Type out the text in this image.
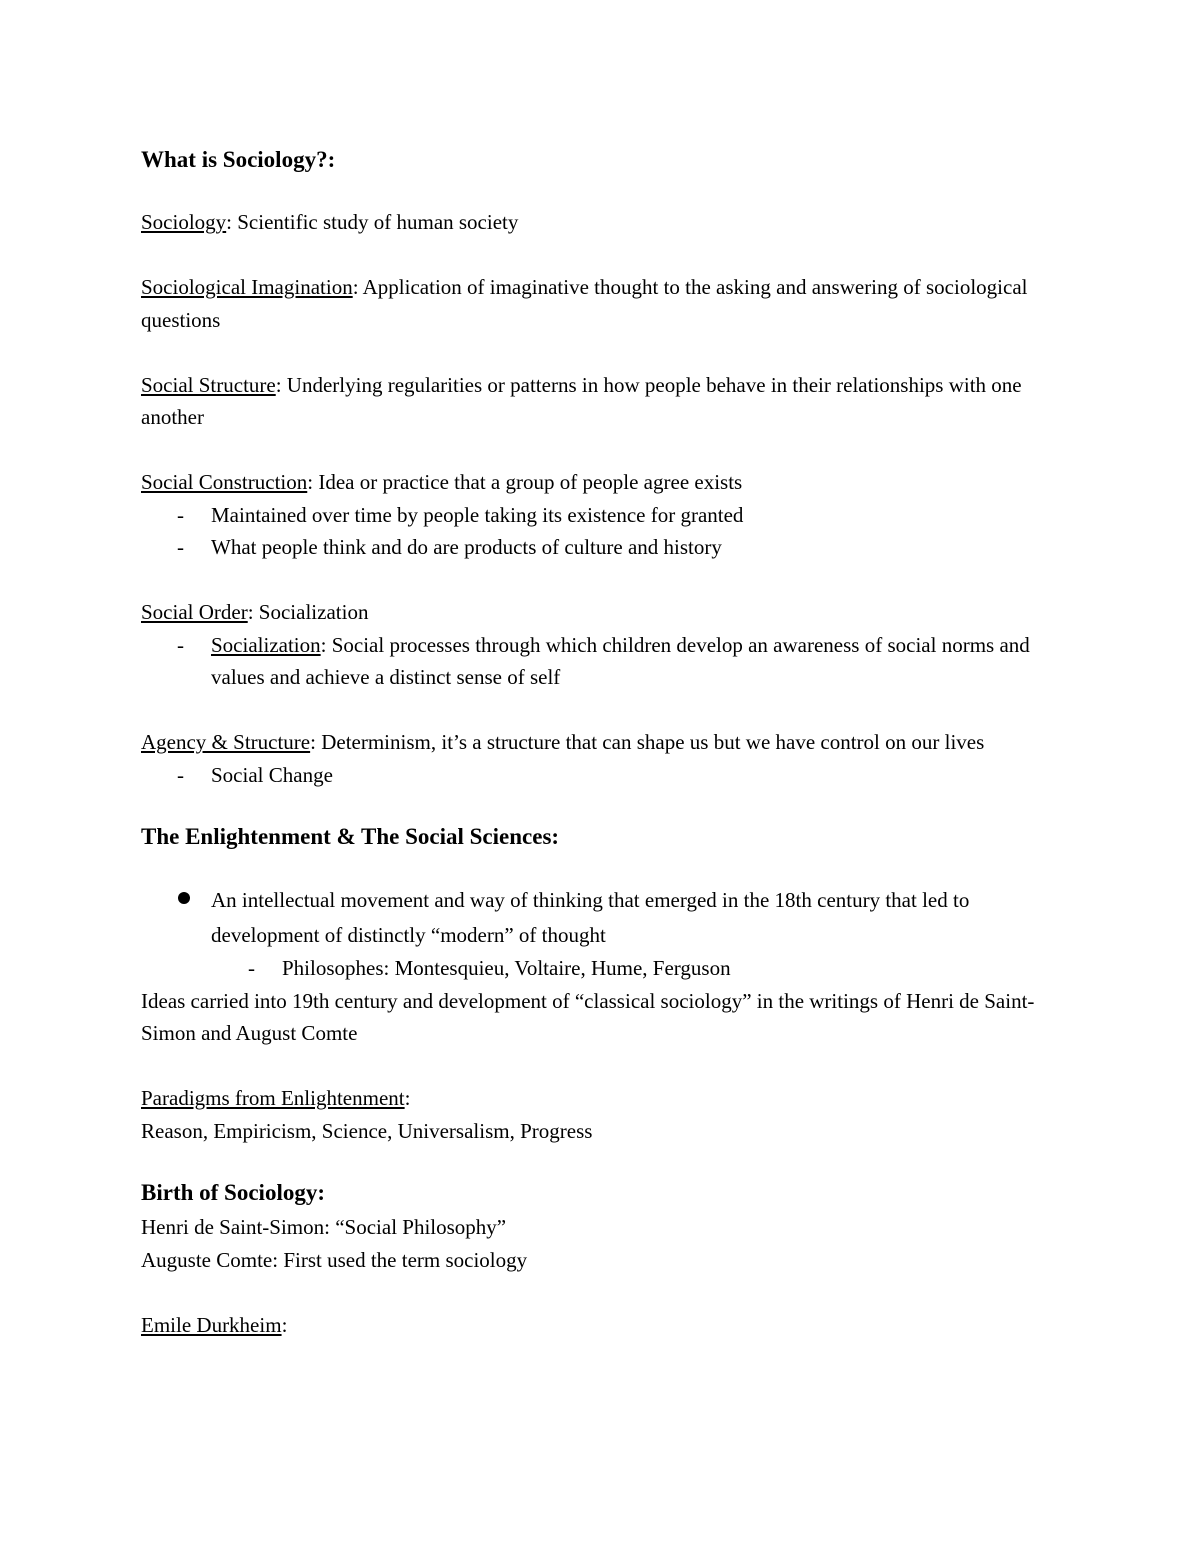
What is Sociology?:

Sociology: Scientific study of human society

Sociological Imagination: Application of imaginative thought to the asking and answering of sociological questions

Social Structure: Underlying regularities or patterns in how people behave in their relationships with one another

Social Construction: Idea or practice that a group of people agree exists

- Maintained over time by people taking its existence for granted
- What people think and do are products of culture and history

Social Order: Socialization

- Socialization: Social processes through which children develop an awareness of social norms and values and achieve a distinct sense of self

Agency & Structure: Determinism, it’s a structure that can shape us but we have control on our lives

- Social Change
The Enlightenment & The Social Sciences:
An intellectual movement and way of thinking that emerged in the 18th century that led to development of distinctly “modern” of thought
- Philosophes: Montesquieu, Voltaire, Hume, Ferguson

Ideas carried into 19th century and development of “classical sociology” in the writings of Henri de Saint-Simon and August Comte

Paradigms from Enlightenment:

Reason, Empiricism, Science, Universalism, Progress

Birth of Sociology:

Henri de Saint-Simon: “Social Philosophy”

Auguste Comte: First used the term sociology

Emile Durkheim:
